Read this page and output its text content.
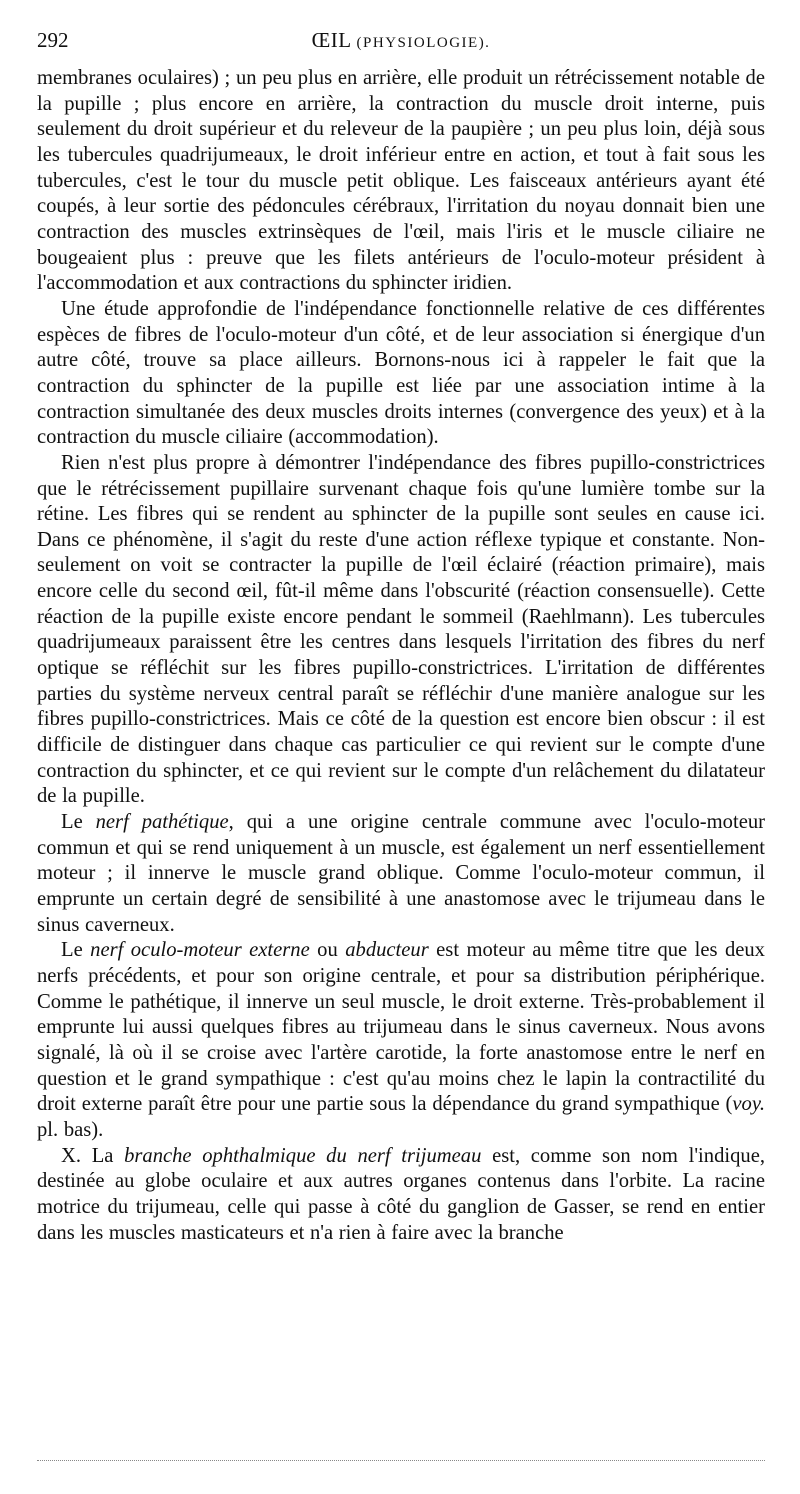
292	ŒIL (PHYSIOLOGIE).

membranes oculaires) ; un peu plus en arrière, elle produit un rétrécissement notable de la pupille ; plus encore en arrière, la contraction du muscle droit interne, puis seulement du droit supérieur et du releveur de la paupière ; un peu plus loin, déjà sous les tubercules quadrijumeaux, le droit inférieur entre en action, et tout à fait sous les tubercules, c'est le tour du muscle petit oblique. Les faisceaux antérieurs ayant été coupés, à leur sortie des pédoncules cérébraux, l'irritation du noyau donnait bien une contraction des muscles extrinsèques de l'œil, mais l'iris et le muscle ciliaire ne bougeaient plus : preuve que les filets antérieurs de l'oculo-moteur président à l'accommodation et aux contractions du sphincter iridien.

Une étude approfondie de l'indépendance fonctionnelle relative de ces différentes espèces de fibres de l'oculo-moteur d'un côté, et de leur association si énergique d'un autre côté, trouve sa place ailleurs. Bornons-nous ici à rappeler le fait que la contraction du sphincter de la pupille est liée par une association intime à la contraction simultanée des deux muscles droits internes (convergence des yeux) et à la contraction du muscle ciliaire (accommodation).

Rien n'est plus propre à démontrer l'indépendance des fibres pupillo-constrictrices que le rétrécissement pupillaire survenant chaque fois qu'une lumière tombe sur la rétine. Les fibres qui se rendent au sphincter de la pupille sont seules en cause ici. Dans ce phénomène, il s'agit du reste d'une action réflexe typique et constante. Non-seulement on voit se contracter la pupille de l'œil éclairé (réaction primaire), mais encore celle du second œil, fût-il même dans l'obscurité (réaction consensuelle). Cette réaction de la pupille existe encore pendant le sommeil (Raehlmann). Les tubercules quadrijumeaux paraissent être les centres dans lesquels l'irritation des fibres du nerf optique se réfléchit sur les fibres pupillo-constrictrices. L'irritation de différentes parties du système nerveux central paraît se réfléchir d'une manière analogue sur les fibres pupillo-constrictrices. Mais ce côté de la question est encore bien obscur : il est difficile de distinguer dans chaque cas particulier ce qui revient sur le compte d'une contraction du sphincter, et ce qui revient sur le compte d'un relâchement du dilatateur de la pupille.

Le nerf pathétique, qui a une origine centrale commune avec l'oculo-moteur commun et qui se rend uniquement à un muscle, est également un nerf essentiellement moteur ; il innerve le muscle grand oblique. Comme l'oculo-moteur commun, il emprunte un certain degré de sensibilité à une anastomose avec le trijumeau dans le sinus caverneux.

Le nerf oculo-moteur externe ou abducteur est moteur au même titre que les deux nerfs précédents, et pour son origine centrale, et pour sa distribution périphérique. Comme le pathétique, il innerve un seul muscle, le droit externe. Très-probablement il emprunte lui aussi quelques fibres au trijumeau dans le sinus caverneux. Nous avons signalé, là où il se croise avec l'artère carotide, la forte anastomose entre le nerf en question et le grand sympathique : c'est qu'au moins chez le lapin la contractilité du droit externe paraît être pour une partie sous la dépendance du grand sympathique (voy. pl. bas).

X. La branche ophthalmique du nerf trijumeau est, comme son nom l'indique, destinée au globe oculaire et aux autres organes contenus dans l'orbite. La racine motrice du trijumeau, celle qui passe à côté du ganglion de Gasser, se rend en entier dans les muscles masticateurs et n'a rien à faire avec la branche
